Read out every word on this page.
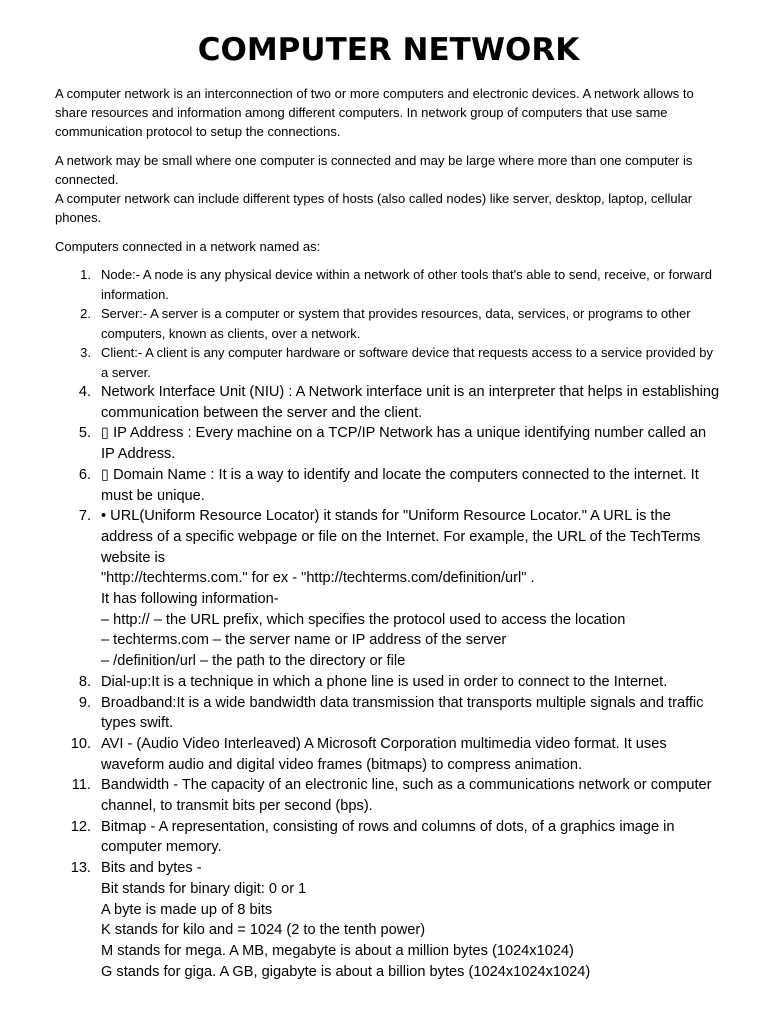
COMPUTER NETWORK

A computer network is an interconnection of two or more computers and electronic devices. A network allows to share resources and information among different computers. In network group of computers that use same communication protocol to setup the connections.

A network may be small where one computer is connected and may be large where more than one computer is connected.

A computer network can include different types of hosts (also called nodes) like server, desktop, laptop, cellular phones.

Computers connected in a network named as:

1. Node:- A node is any physical device within a network of other tools that's able to send, receive, or forward information.
2. Server:- A server is a computer or system that provides resources, data, services, or programs to other computers, known as clients, over a network.
3. Client:- A client is any computer hardware or software device that requests access to a service provided by a server.
4. Network Interface Unit (NIU) : A Network interface unit is an interpreter that helps in establishing communication between the server and the client.
5. ▯ IP Address : Every machine on a TCP/IP Network has a unique identifying number called an IP Address.
6. ▯ Domain Name : It is a way to identify and locate the computers connected to the internet. It must be unique.
7. • URL(Uniform Resource Locator) it stands for "Uniform Resource Locator." A URL is the address of a specific webpage or file on the Internet. For example, the URL of the TechTerms website is
"http://techterms.com." for ex - "http://techterms.com/definition/url" .
It has following information-
– http:// – the URL prefix, which specifies the protocol used to access the location
– techterms.com – the server name or IP address of the server
– /definition/url – the path to the directory or file
8. Dial-up:It is a technique in which a phone line is used in order to connect to the Internet.
9. Broadband:It is a wide bandwidth data transmission that transports multiple signals and traffic types swift.
10. AVI - (Audio Video Interleaved) A Microsoft Corporation multimedia video format. It uses waveform audio and digital video frames (bitmaps) to compress animation.
11. Bandwidth - The capacity of an electronic line, such as a communications network or computer channel, to transmit bits per second (bps).
12. Bitmap - A representation, consisting of rows and columns of dots, of a graphics image in computer memory.
13. Bits and bytes -
Bit stands for binary digit: 0 or 1
A byte is made up of 8 bits
K stands for kilo and = 1024 (2 to the tenth power)
M stands for mega. A MB, megabyte is about a million bytes (1024x1024)
G stands for giga. A GB, gigabyte is about a billion bytes (1024x1024x1024)
